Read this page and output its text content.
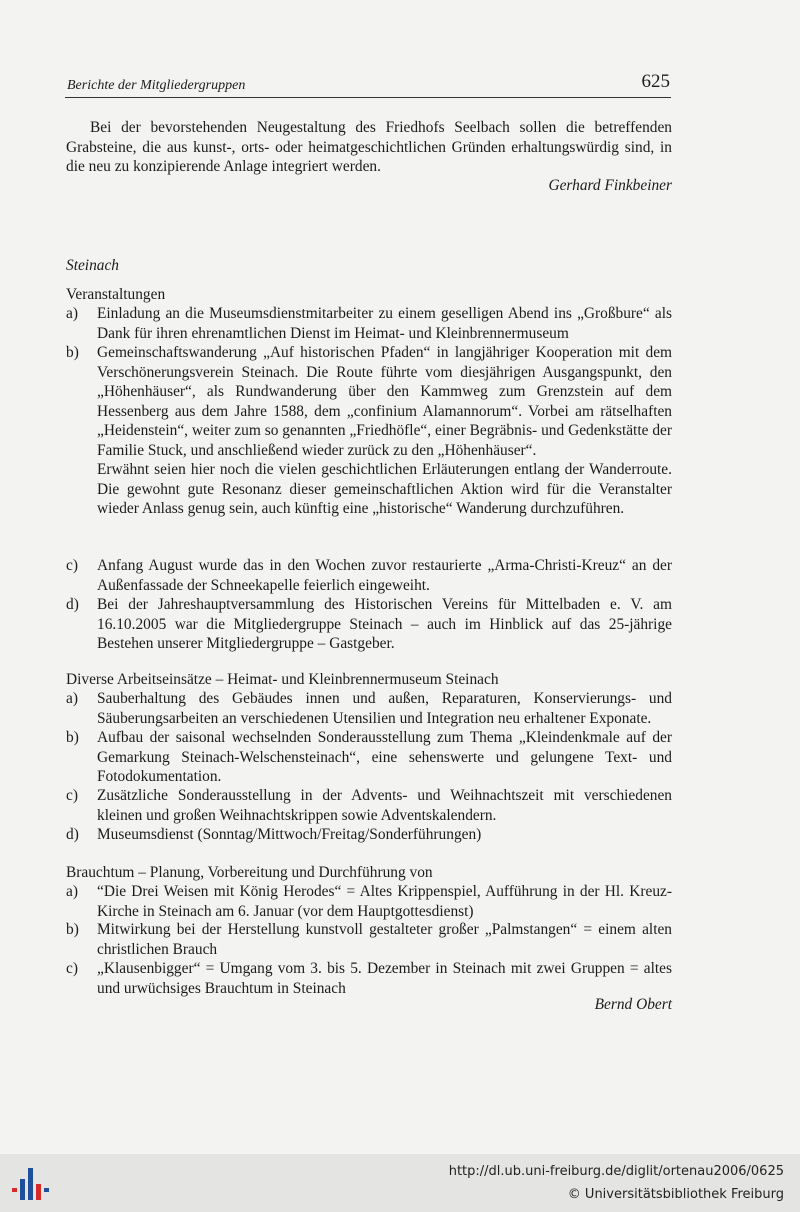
Berichte der Mitgliedergruppen	625
Bei der bevorstehenden Neugestaltung des Friedhofs Seelbach sollen die betreffenden Grabsteine, die aus kunst-, orts- oder heimatgeschichtlichen Gründen erhaltungswürdig sind, in die neu zu konzipierende Anlage integriert werden.
Gerhard Finkbeiner
Steinach
Veranstaltungen
a) Einladung an die Museumsdienstmitarbeiter zu einem geselligen Abend ins „Großbure“ als Dank für ihren ehrenamtlichen Dienst im Heimat- und Kleinbrennermuseum
b) Gemeinschaftswanderung „Auf historischen Pfaden“ in langjähriger Kooperation mit dem Verschönerungsverein Steinach. Die Route führte vom diesjährigen Ausgangspunkt, den „Höhenhäuser“, als Rundwanderung über den Kammweg zum Grenzstein auf dem Hessenberg aus dem Jahre 1588, dem „confinium Alamannorum“. Vorbei am rätselhaften „Heidenstein“, weiter zum so genannten „Friedhöfle“, einer Begräbnis- und Gedenkstätte der Familie Stuck, und anschließend wieder zurück zu den „Höhenhäuser“.

Erwähnt seien hier noch die vielen geschichtlichen Erläuterungen entlang der Wanderroute. Die gewohnt gute Resonanz dieser gemeinschaftlichen Aktion wird für die Veranstalter wieder Anlass genug sein, auch künftig eine „historische“ Wanderung durchzuführen.

c) Anfang August wurde das in den Wochen zuvor restaurierte „Arma-Christi-Kreuz“ an der Außenfassade der Schneekapelle feierlich eingeweiht.
d) Bei der Jahreshauptversammlung des Historischen Vereins für Mittelbaden e. V. am 16.10.2005 war die Mitgliedergruppe Steinach – auch im Hinblick auf das 25-jährige Bestehen unserer Mitgliedergruppe – Gastgeber.
Diverse Arbeitseinsätze – Heimat- und Kleinbrennermuseum Steinach
a) Sauberhaltung des Gebäudes innen und außen, Reparaturen, Konservierungs- und Säuberungsarbeiten an verschiedenen Utensilien und Integration neu erhaltener Exponate.
b) Aufbau der saisonal wechselnden Sonderausstellung zum Thema „Kleindenkmale auf der Gemarkung Steinach-Welschensteinach“, eine sehenswerte und gelungene Text- und Fotodokumentation.
c) Zusätzliche Sonderausstellung in der Advents- und Weihnachtszeit mit verschiedenen kleinen und großen Weihnachtskrippen sowie Adventskalendern.
d) Museumsdienst (Sonntag/Mittwoch/Freitag/Sonderführungen)
Brauchtum – Planung, Vorbereitung und Durchführung von
a) “Die Drei Weisen mit König Herodes“ = Altes Krippenspiel, Aufführung in der Hl. Kreuz-Kirche in Steinach am 6. Januar (vor dem Hauptgottesdienst)
b) Mitwirkung bei der Herstellung kunstvoll gestalteter großer „Palmstangen“ = einem alten christlichen Brauch
c) „Klausenbigger“ = Umgang vom 3. bis 5. Dezember in Steinach mit zwei Gruppen = altes und urwüchsiges Brauchtum in Steinach
Bernd Obert
http://dl.ub.uni-freiburg.de/diglit/ortenau2006/0625
© Universitätsbibliothek Freiburg
